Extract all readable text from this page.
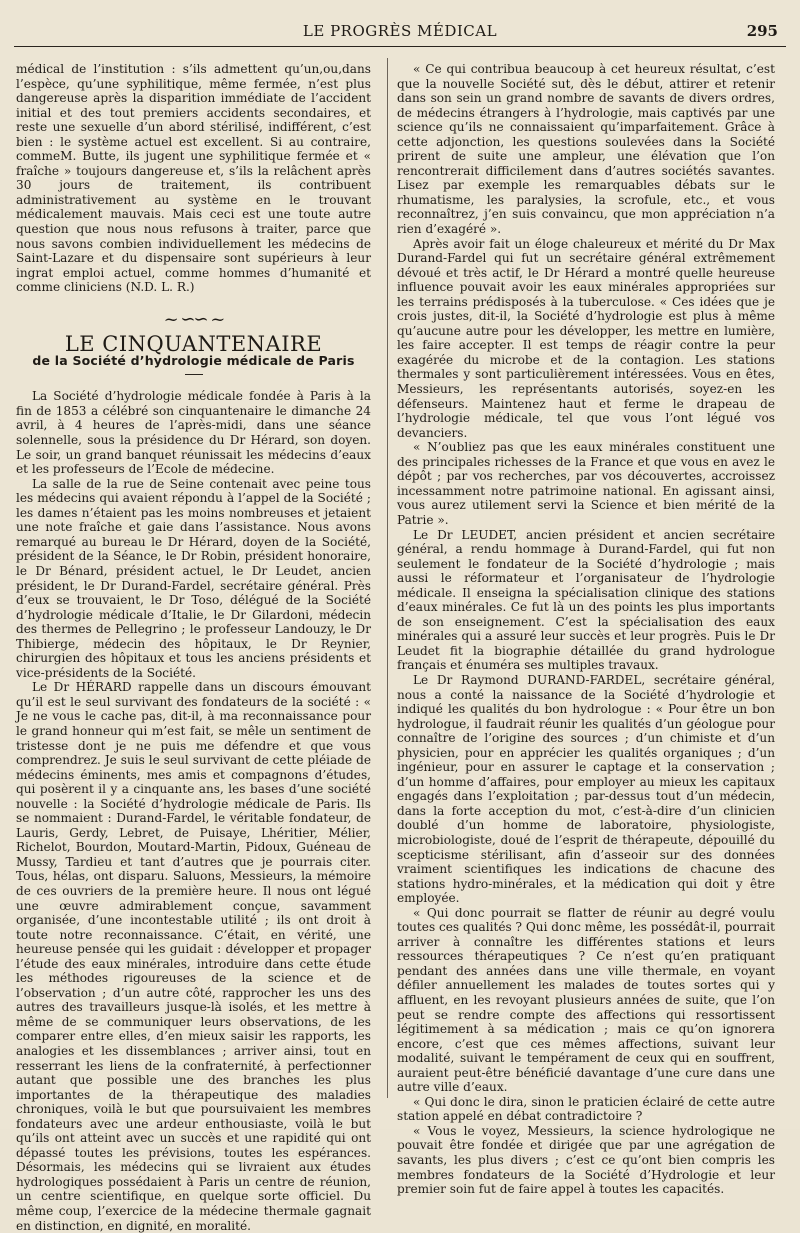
LE PROGRÈS MÉDICAL	295

médical de l’institution : s’ils admettent qu’un,ou,dans l’espèce, qu’une syphilitique, même fermée, n’est plus dangereuse après la disparition immédiate de l’accident initial et des tout premiers accidents secondaires, et reste une sexuelle d’un abord stérilisé, indifférent, c’est bien : le système actuel est excellent. Si au contraire, commeM. Butte, ils jugent une syphilitique fermée et « fraîche » toujours dangereuse et, s’ils la relâchent après 30 jours de traitement, ils contribuent administrativement au système en le trouvant médicalement mauvais. Mais ceci est une toute autre question que nous nous refusons à traiter, parce que nous savons combien individuellement les médecins de Saint-Lazare et du dispensaire sont supérieurs à leur ingrat emploi actuel, comme hommes d’humanité et comme cliniciens (N.D. L. R.)

~ ∽∽ ~
LE CINQUANTENAIRE
de la Société d’hydrologie médicale de Paris

La Société d’hydrologie médicale fondée à Paris à la fin de 1853 a célébré son cinquantenaire le dimanche 24 avril, à 4 heures de l’après-midi, dans une séance solennelle, sous la présidence du Dr Hérard, son doyen. Le soir, un grand banquet réunissait les médecins d’eaux et les professeurs de l’Ecole de médecine.

La salle de la rue de Seine contenait avec peine tous les médecins qui avaient répondu à l’appel de la Société ; les dames n’étaient pas les moins nombreuses et jetaient une note fraîche et gaie dans l’assistance. Nous avons remarqué au bureau le Dr Hérard, doyen de la Société, président de la Séance, le Dr Robin, président honoraire, le Dr Bénard, président actuel, le Dr Leudet, ancien président, le Dr Durand-Fardel, secrétaire général. Près d’eux se trouvaient, le Dr Toso, délégué de la Société d’hydrologie médicale d’Italie, le Dr Gilardoni, médecin des thermes de Pellegrino ; le professeur Landouzy, le Dr Thibierge, médecin des hôpitaux, le Dr Reynier, chirurgien des hôpitaux et tous les anciens présidents et vice-présidents de la Société.

Le Dr HÉRARD rappelle dans un discours émouvant qu’il est le seul survivant des fondateurs de la société : « Je ne vous le cache pas, dit-il, à ma reconnaissance pour le grand honneur qui m’est fait, se mêle un sentiment de tristesse dont je ne puis me défendre et que vous comprendrez. Je suis le seul survivant de cette pléiade de médecins éminents, mes amis et compagnons d’études, qui posèrent il y a cinquante ans, les bases d’une société nouvelle : la Société d’hydrologie médicale de Paris. Ils se nommaient : Durand-Fardel, le véritable fondateur, de Lauris, Gerdy, Lebret, de Puisaye, Lhéritier, Mélier, Richelot, Bourdon, Moutard-Martin, Pidoux, Guéneau de Mussy, Tardieu et tant d’autres que je pourrais citer. Tous, hélas, ont disparu. Saluons, Messieurs, la mémoire de ces ouvriers de la première heure. Il nous ont légué une œuvre admirablement conçue, savamment organisée, d’une incontestable utilité ; ils ont droit à toute notre reconnaissance. C’était, en vérité, une heureuse pensée qui les guidait : développer et propager l’étude des eaux minérales, introduire dans cette étude les méthodes rigoureuses de la science et de l’observation ; d’un autre côté, rapprocher les uns des autres des travailleurs jusque-là isolés, et les mettre à même de se communiquer leurs observations, de les comparer entre elles, d’en mieux saisir les rapports, les analogies et les dissemblances ; arriver ainsi, tout en resserrant les liens de la confraternité, à perfectionner autant que possible une des branches les plus importantes de la thérapeutique des maladies chroniques, voilà le but que poursuivaient les membres fondateurs avec une ardeur enthousiaste, voilà le but qu’ils ont atteint avec un succès et une rapidité qui ont dépassé toutes les prévisions, toutes les espérances. Désormais, les médecins qui se livraient aux études hydrologiques possédaient à Paris un centre de réunion, un centre scientifique, en quelque sorte officiel. Du même coup, l’exercice de la médecine thermale gagnait en distinction, en dignité, en moralité.

« Ce qui contribua beaucoup à cet heureux résultat, c’est que la nouvelle Société sut, dès le début, attirer et retenir dans son sein un grand nombre de savants de divers ordres, de médecins étrangers à l’hydrologie, mais captivés par une science qu’ils ne connaissaient qu’imparfaitement. Grâce à cette adjonction, les questions soulevées dans la Société prirent de suite une ampleur, une élévation que l’on rencontrerait difficilement dans d’autres sociétés savantes. Lisez par exemple les remarquables débats sur le rhumatisme, les paralysies, la scrofule, etc., et vous reconnaîtrez, j’en suis convaincu, que mon appréciation n’a rien d’exagéré ».

Après avoir fait un éloge chaleureux et mérité du Dr Max Durand-Fardel qui fut un secrétaire général extrêmement dévoué et très actif, le Dr Hérard a montré quelle heureuse influence pouvait avoir les eaux minérales appropriées sur les terrains prédisposés à la tuberculose. « Ces idées que je crois justes, dit-il, la Société d’hydrologie est plus à même qu’aucune autre pour les développer, les mettre en lumière, les faire accepter. Il est temps de réagir contre la peur exagérée du microbe et de la contagion. Les stations thermales y sont particulièrement intéressées. Vous en êtes, Messieurs, les représentants autorisés, soyez-en les défenseurs. Maintenez haut et ferme le drapeau de l’hydrologie médicale, tel que vous l’ont légué vos devanciers.

« N’oubliez pas que les eaux minérales constituent une des principales richesses de la France et que vous en avez le dépôt ; par vos recherches, par vos découvertes, accroissez incessamment notre patrimoine national. En agissant ainsi, vous aurez utilement servi la Science et bien mérité de la Patrie ».

Le Dr LEUDET, ancien président et ancien secrétaire général, a rendu hommage à Durand-Fardel, qui fut non seulement le fondateur de la Société d’hydrologie ; mais aussi le réformateur et l’organisateur de l’hydrologie médicale. Il enseigna la spécialisation clinique des stations d’eaux minérales. Ce fut là un des points les plus importants de son enseignement. C’est la spécialisation des eaux minérales qui a assuré leur succès et leur progrès. Puis le Dr Leudet fit la biographie détaillée du grand hydrologue français et énuméra ses multiples travaux.

Le Dr Raymond DURAND-FARDEL, secrétaire général, nous a conté la naissance de la Société d’hydrologie et indiqué les qualités du bon hydrologue : « Pour être un bon hydrologue, il faudrait réunir les qualités d’un géologue pour connaître de l’origine des sources ; d’un chimiste et d’un physicien, pour en apprécier les qualités organiques ; d’un ingénieur, pour en assurer le captage et la conservation ; d’un homme d’affaires, pour employer au mieux les capitaux engagés dans l’exploitation ; par-dessus tout d’un médecin, dans la forte acception du mot, c’est-à-dire d’un clinicien doublé d’un homme de laboratoire, physiologiste, microbiologiste, doué de l’esprit de thérapeute, dépouillé du scepticisme stérilisant, afin d’asseoir sur des données vraiment scientifiques les indications de chacune des stations hydro-minérales, et la médication qui doit y être employée.

« Qui donc pourrait se flatter de réunir au degré voulu toutes ces qualités ? Qui donc même, les possédât-il, pourrait arriver à connaître les différentes stations et leurs ressources thérapeutiques ? Ce n’est qu’en pratiquant pendant des années dans une ville thermale, en voyant défiler annuellement les malades de toutes sortes qui y affluent, en les revoyant plusieurs années de suite, que l’on peut se rendre compte des affections qui ressortissent légitimement à sa médication ; mais ce qu’on ignorera encore, c’est que ces mêmes affections, suivant leur modalité, suivant le tempérament de ceux qui en souffrent, auraient peut-être bénéficié davantage d’une cure dans une autre ville d’eaux.

« Qui donc le dira, sinon le praticien éclairé de cette autre station appelé en débat contradictoire ?

« Vous le voyez, Messieurs, la science hydrologique ne pouvait être fondée et dirigée que par une agrégation de savants, les plus divers ; c’est ce qu’ont bien compris les membres fondateurs de la Société d’Hydrologie et leur premier soin fut de faire appel à toutes les capacités.
